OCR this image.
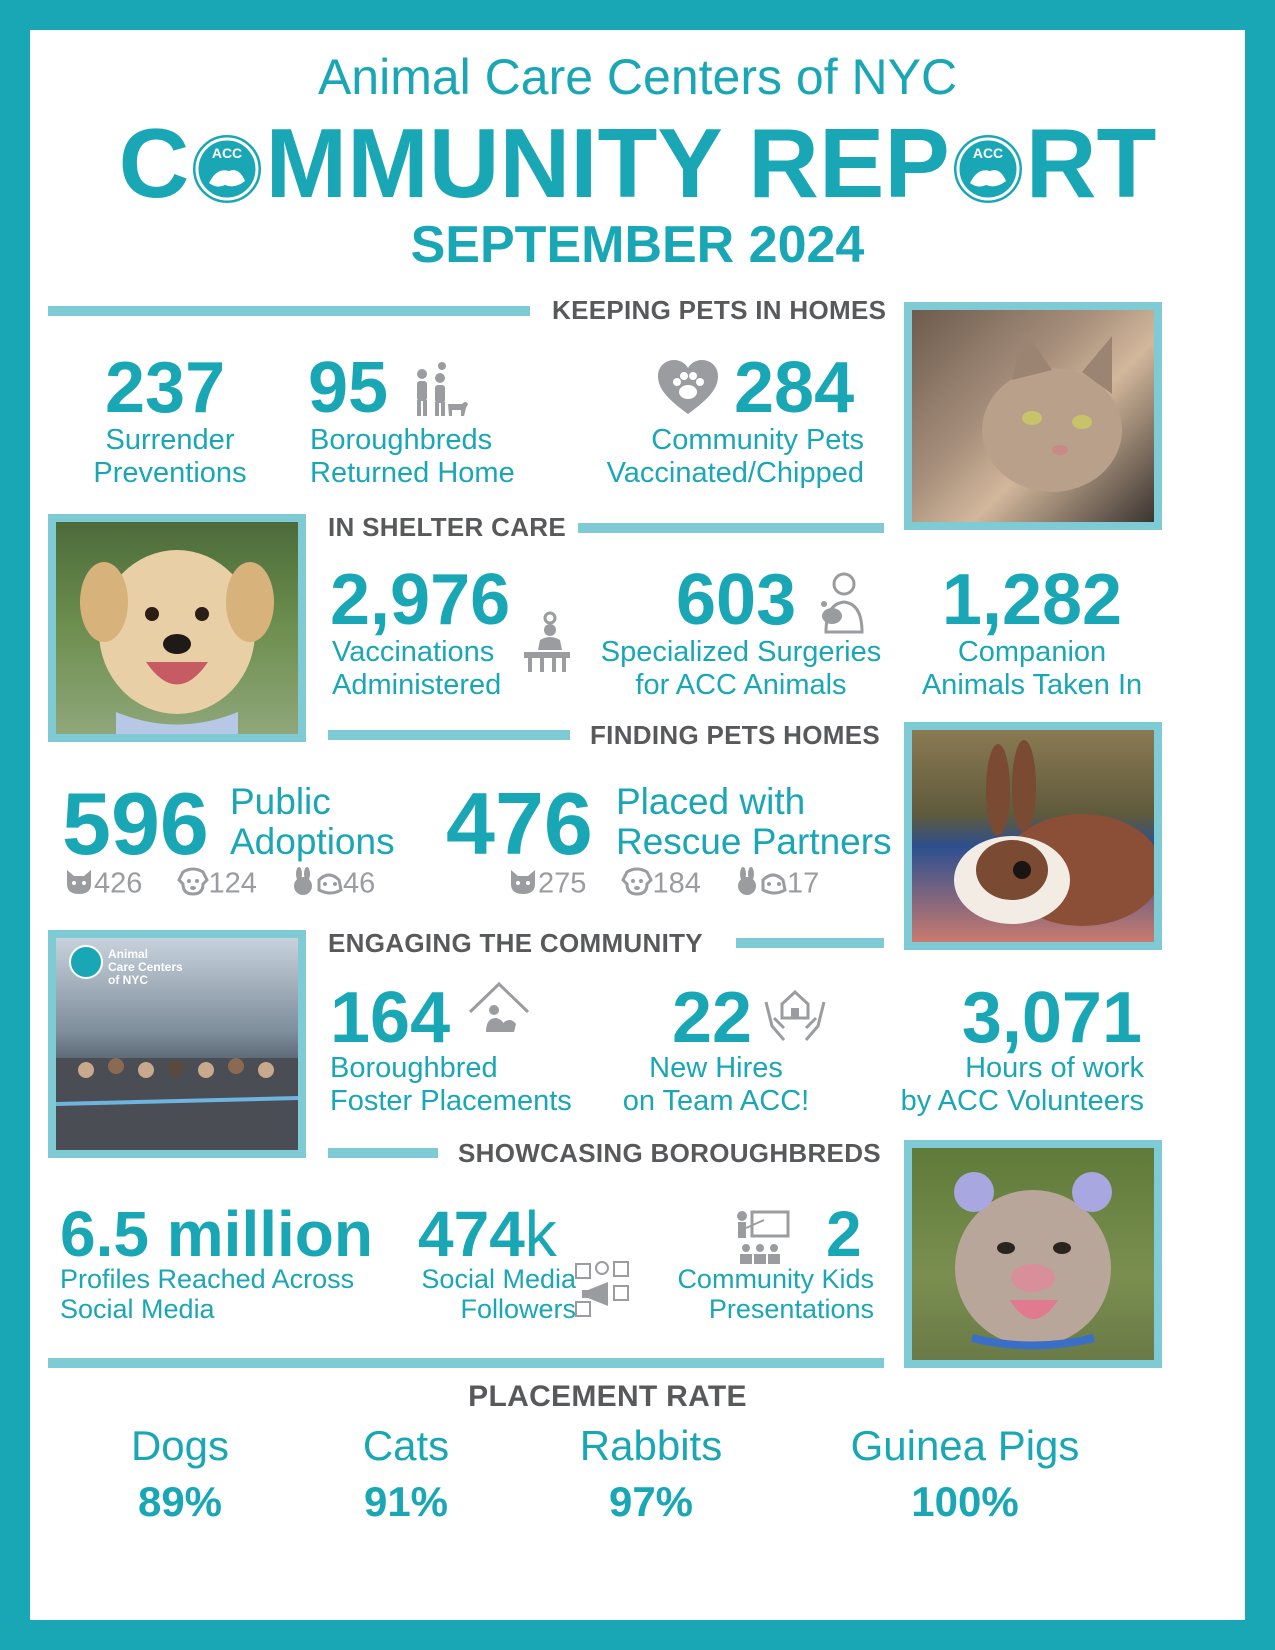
Animal Care Centers of NYC
C ACC MMUNITY REP ACC RT
SEPTEMBER 2024
KEEPING PETS IN HOMES
237
Surrender
Preventions
95
Boroughbreds
Returned Home
284
Community Pets
Vaccinated/Chipped
IN SHELTER CARE
2,976
Vaccinations
Administered
603
Specialized Surgeries
for ACC Animals
1,282
Companion
Animals Taken In
FINDING PETS HOMES
596 Public
Adoptions
426 124	46
476 Placed with
Rescue Partners
275 184	17
Animal
Care Centers
of NYC
ENGAGING THE COMMUNITY
164
Boroughbred
Foster Placements
22
New Hires
on Team ACC!
3,071
Hours of work
by ACC Volunteers
SHOWCASING BOROUGHBREDS
6.5 million
Profiles Reached Across
Social Media
474k
Social Media
Followers
2
Community Kids
Presentations
PLACEMENT RATE
Dogs
89%
Cats
91%
Rabbits
97%
Guinea Pigs
100%
